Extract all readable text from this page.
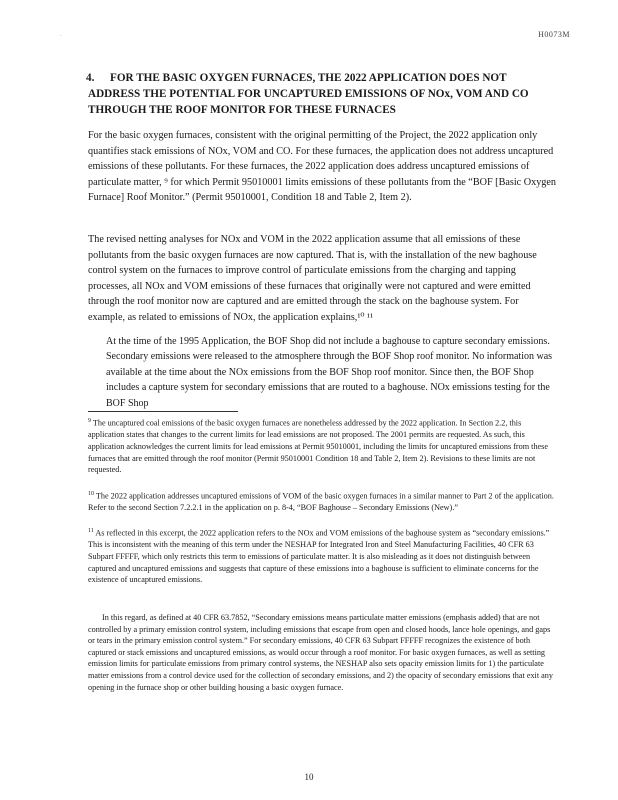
.	H0073M
4.	FOR THE BASIC OXYGEN FURNACES, THE 2022 APPLICATION DOES NOT ADDRESS THE POTENTIAL FOR UNCAPTURED EMISSIONS OF NOx, VOM AND CO THROUGH THE ROOF MONITOR FOR THESE FURNACES
For the basic oxygen furnaces, consistent with the original permitting of the Project, the 2022 application only quantifies stack emissions of NOx, VOM and CO. For these furnaces, the application does not address uncaptured emissions of these pollutants. For these furnaces, the 2022 application does address uncaptured emissions of particulate matter, ⁹ for which Permit 95010001 limits emissions of these pollutants from the “BOF [Basic Oxygen Furnace] Roof Monitor.” (Permit 95010001, Condition 18 and Table 2, Item 2).
The revised netting analyses for NOx and VOM in the 2022 application assume that all emissions of these pollutants from the basic oxygen furnaces are now captured. That is, with the installation of the new baghouse control system on the furnaces to improve control of particulate emissions from the charging and tapping processes, all NOx and VOM emissions of these furnaces that originally were not captured and were emitted through the roof monitor now are captured and are emitted through the stack on the baghouse system. For example, as related to emissions of NOx, the application explains,¹⁰ ¹¹
At the time of the 1995 Application, the BOF Shop did not include a baghouse to capture secondary emissions. Secondary emissions were released to the atmosphere through the BOF Shop roof monitor. No information was available at the time about the NOx emissions from the BOF Shop roof monitor. Since then, the BOF Shop includes a capture system for secondary emissions that are routed to a baghouse. NOx emissions testing for the BOF Shop
$^9$ The uncaptured coal emissions of the basic oxygen furnaces are nonetheless addressed by the 2022 application. In Section 2.2, this application states that changes to the current limits for lead emissions are not proposed. The 2001 permits are requested. As such, this application acknowledges the current limits for lead emissions at Permit 95010001, including the limits for uncaptured emissions from these furnaces that are emitted through the roof monitor (Permit 95010001 Condition 18 and Table 2, Item 2). Revisions to these limits are not requested.
$^{10}$ The 2022 application addresses uncaptured emissions of VOM of the basic oxygen furnaces in a similar manner to Part 2 of the application. Refer to the second Section 7.2.2.1 in the application on p. 8-4, “BOF Baghouse – Secondary Emissions (New).”
$^{11}$ As reflected in this excerpt, the 2022 application refers to the NOx and VOM emissions of the baghouse system as “secondary emissions.” This is inconsistent with the meaning of this term under the NESHAP for Integrated Iron and Steel Manufacturing Facilities, 40 CFR 63 Subpart FFFFF, which only restricts this term to emissions of particulate matter. It is also misleading as it does not distinguish between captured and uncaptured emissions and suggests that capture of these emissions into a baghouse is sufficient to eliminate concerns for the existence of uncaptured emissions.
In this regard, as defined at 40 CFR 63.7852, “Secondary emissions means particulate matter emissions (emphasis added) that are not controlled by a primary emission control system, including emissions that escape from open and closed hoods, lance hole openings, and gaps or tears in the primary emission control system.” For secondary emissions, 40 CFR 63 Subpart FFFFF recognizes the existence of both captured or stack emissions and uncaptured emissions, as would occur through a roof monitor. For basic oxygen furnaces, as well as setting emission limits for particulate emissions from primary control systems, the NESHAP also sets opacity emission limits for 1) the particulate matter emissions from a control device used for the collection of secondary emissions, and 2) the opacity of secondary emissions that exit any opening in the furnace shop or other building housing a basic oxygen furnace.
10
